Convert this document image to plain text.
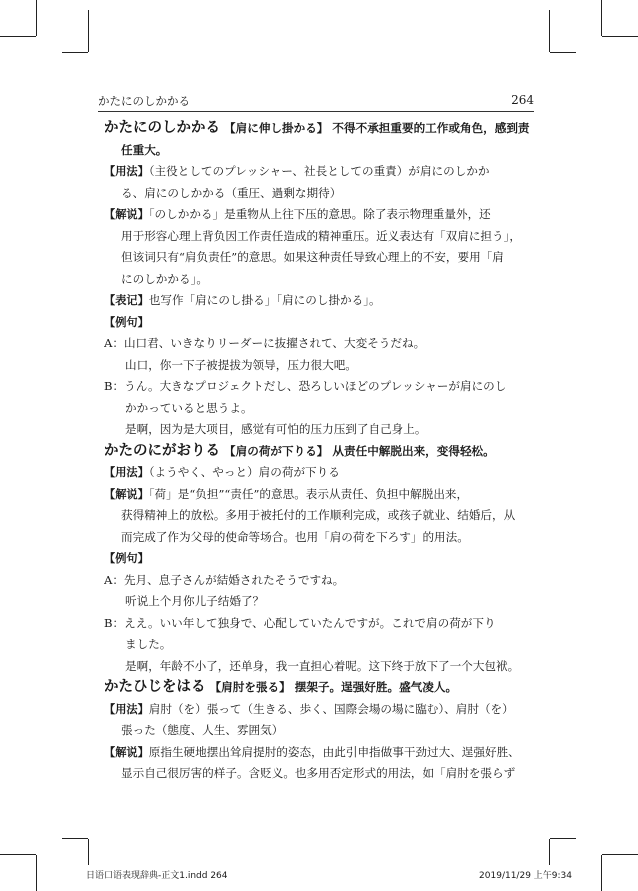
かたにのしかかる	264
かたにのしかかる 【肩に伸し掛かる】 不得不承担重要的工作或角色，感到责
任重大。
【用法】（主役としてのプレッシャー、社長としての重責）が肩にのしかか
る、肩にのしかかる（重圧、過剰な期待）
【解说】「のしかかる」是重物从上往下压的意思。除了表示物理重量外，还
用于形容心理上背负因工作责任造成的精神重压。近义表达有「双肩に担う」，
但该词只有“肩负责任”的意思。如果这种责任导致心理上的不安，要用「肩
にのしかかる」。
【表记】也写作「肩にのし掛る」「肩にのし掛かる」。
【例句】
A：山口君、いきなりリーダーに抜擢されて、大変そうだね。
山口，你一下子被提拔为领导，压力很大吧。
B：うん。大きなプロジェクトだし、恐ろしいほどのプレッシャーが肩にのし
かかっていると思うよ。
是啊，因为是大项目，感觉有可怕的压力压到了自己身上。
かたのにがおりる 【肩の荷が下りる】 从责任中解脱出来，变得轻松。
【用法】（ようやく、やっと）肩の荷が下りる
【解说】「荷」是“负担”“责任”的意思。表示从责任、负担中解脱出来，
获得精神上的放松。多用于被托付的工作顺利完成，或孩子就业、结婚后，从
而完成了作为父母的使命等场合。也用「肩の荷を下ろす」的用法。
【例句】
A：先月、息子さんが結婚されたそうですね。
听说上个月你儿子结婚了？
B：ええ。いい年して独身で、心配していたんですが。これで肩の荷が下り
ました。
是啊，年龄不小了，还单身，我一直担心着呢。这下终于放下了一个大包袱。
かたひじをはる 【肩肘を張る】 摆架子。逞强好胜。盛气凌人。
【用法】肩肘（を）張って（生きる、歩く、国際会場の場に臨む）、肩肘（を）
張った（態度、人生、雰囲気）
【解说】原指生硬地摆出耸肩提肘的姿态，由此引申指做事干劲过大、逞强好胜、
显示自己很厉害的样子。含贬义。也多用否定形式的用法，如「肩肘を張らず
日语口语表现辞典-正文1.indd 264	2019/11/29 上午9:34
